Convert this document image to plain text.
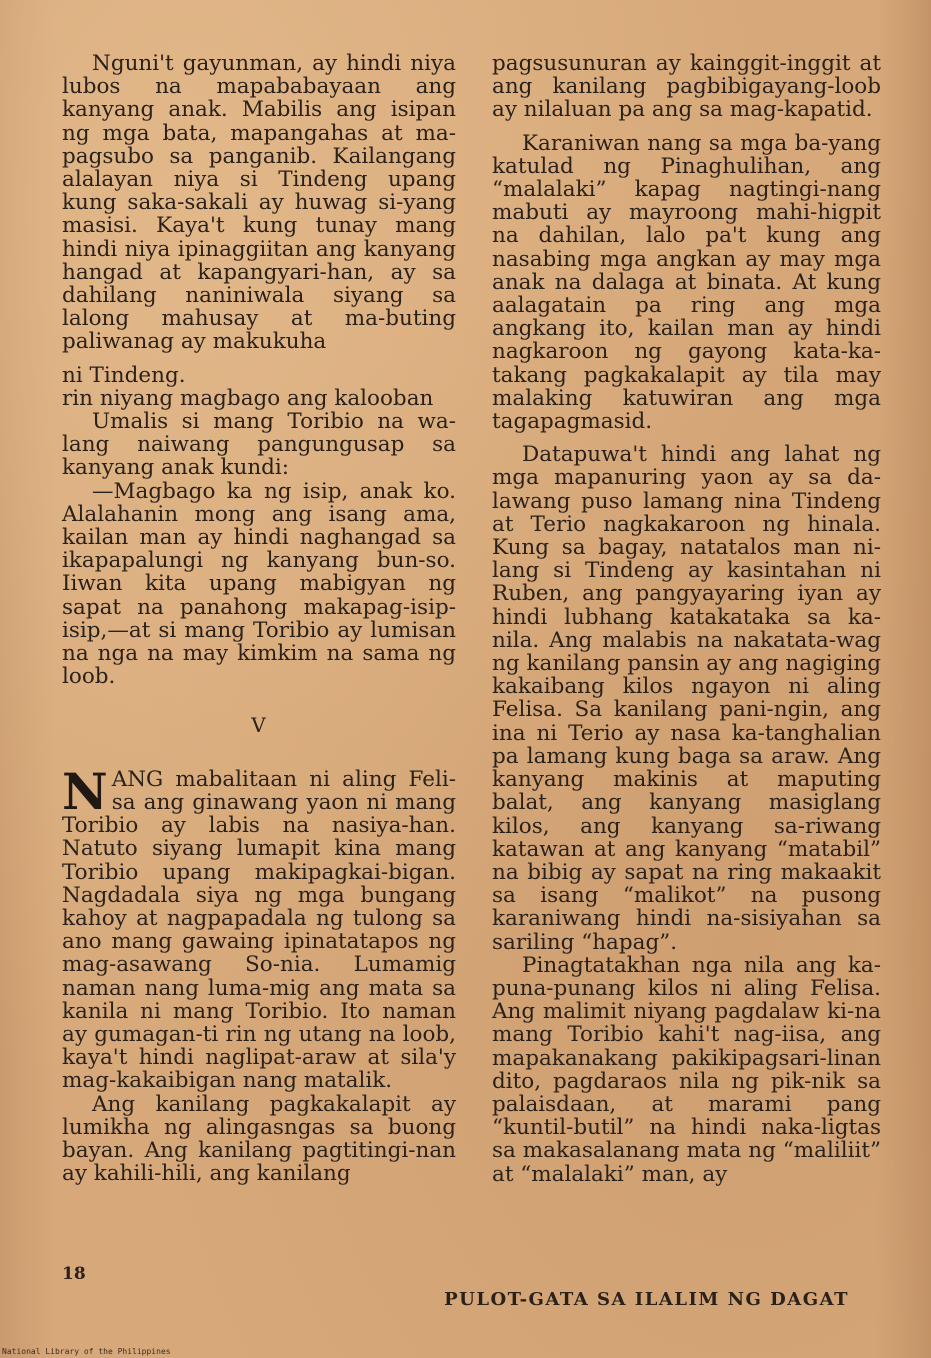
Nguni't gayunman, ay hindi niya lubos na mapababayaan ang kanyang anak. Mabilis ang isipan ng mga bata, mapangahas at ma-pagsubo sa panganib. Kailangang alalayan niya si Tindeng upang kung saka-sakali ay huwag si-yang masisi. Kaya't kung tunay mang hindi niya ipinaggiitan ang kanyang hangad at kapangyari-han, ay sa dahilang naniniwala siyang sa lalong mahusay at ma-buting paliwanag ay makukuha

ni Tindeng.

rin niyang magbago ang kalooban

Umalis si mang Toribio na wa-lang naiwang pangungusap sa kanyang anak kundi:

—Magbago ka ng isip, anak ko. Alalahanin mong ang isang ama, kailan man ay hindi naghangad sa ikapapalungi ng kanyang bun-so. Iiwan kita upang mabigyan ng sapat na panahong makapag-isip-isip,—at si mang Toribio ay lumisan na nga na may kimkim na sama ng loob.

V

NANG mabalitaan ni aling Feli-sa ang ginawang yaon ni mang Toribio ay labis na nasiya-han. Natuto siyang lumapit kina mang Toribio upang makipagkai-bigan. Nagdadala siya ng mga bungang kahoy at nagpapadala ng tulong sa ano mang gawaing ipinatatapos ng mag-asawang So-nia. Lumamig naman nang luma-mig ang mata sa kanila ni mang Toribio. Ito naman ay gumagan-ti rin ng utang na loob, kaya't hindi naglipat-araw at sila'y mag-kakaibigan nang matalik.

Ang kanilang pagkakalapit ay lumikha ng alingasngas sa buong bayan. Ang kanilang pagtitingi-nan ay kahili-hili, ang kanilang

pagsusunuran ay kainggit-inggit at ang kanilang pagbibigayang-loob ay nilaluan pa ang sa mag-kapatid.

Karaniwan nang sa mga ba-yang katulad ng Pinaghulihan, ang “malalaki” kapag nagtingi-nang mabuti ay mayroong mahi-higpit na dahilan, lalo pa't kung ang nasabing mga angkan ay may mga anak na dalaga at binata. At kung aalagatain pa ring ang mga angkang ito, kailan man ay hindi nagkaroon ng gayong kata-ka-takang pagkakalapit ay tila may malaking katuwiran ang mga tagapagmasid.

Datapuwa't hindi ang lahat ng mga mapanuring yaon ay sa da-lawang puso lamang nina Tindeng at Terio nagkakaroon ng hinala. Kung sa bagay, natatalos man ni-lang si Tindeng ay kasintahan ni Ruben, ang pangyayaring iyan ay hindi lubhang katakataka sa ka-nila. Ang malabis na nakatata-wag ng kanilang pansin ay ang nagiging kakaibang kilos ngayon ni aling Felisa. Sa kanilang pani-ngin, ang ina ni Terio ay nasa ka-tanghalian pa lamang kung baga sa araw. Ang kanyang makinis at maputing balat, ang kanyang masiglang kilos, ang kanyang sa-riwang katawan at ang kanyang “matabil” na bibig ay sapat na ring makaakit sa isang “malikot” na pusong karaniwang hindi na-sisiyahan sa sariling “hapag”.

Pinagtatakhan nga nila ang ka-puna-punang kilos ni aling Felisa. Ang malimit niyang pagdalaw ki-na mang Toribio kahi't nag-iisa, ang mapakanakang pakikipagsari-linan dito, pagdaraos nila ng pik-nik sa palaisdaan, at marami pang “kuntil-butil” na hindi naka-ligtas sa makasalanang mata ng “maliliit” at “malalaki” man, ay

18
PULOT-GATA SA ILALIM NG DAGAT
National Library of the Philippines
